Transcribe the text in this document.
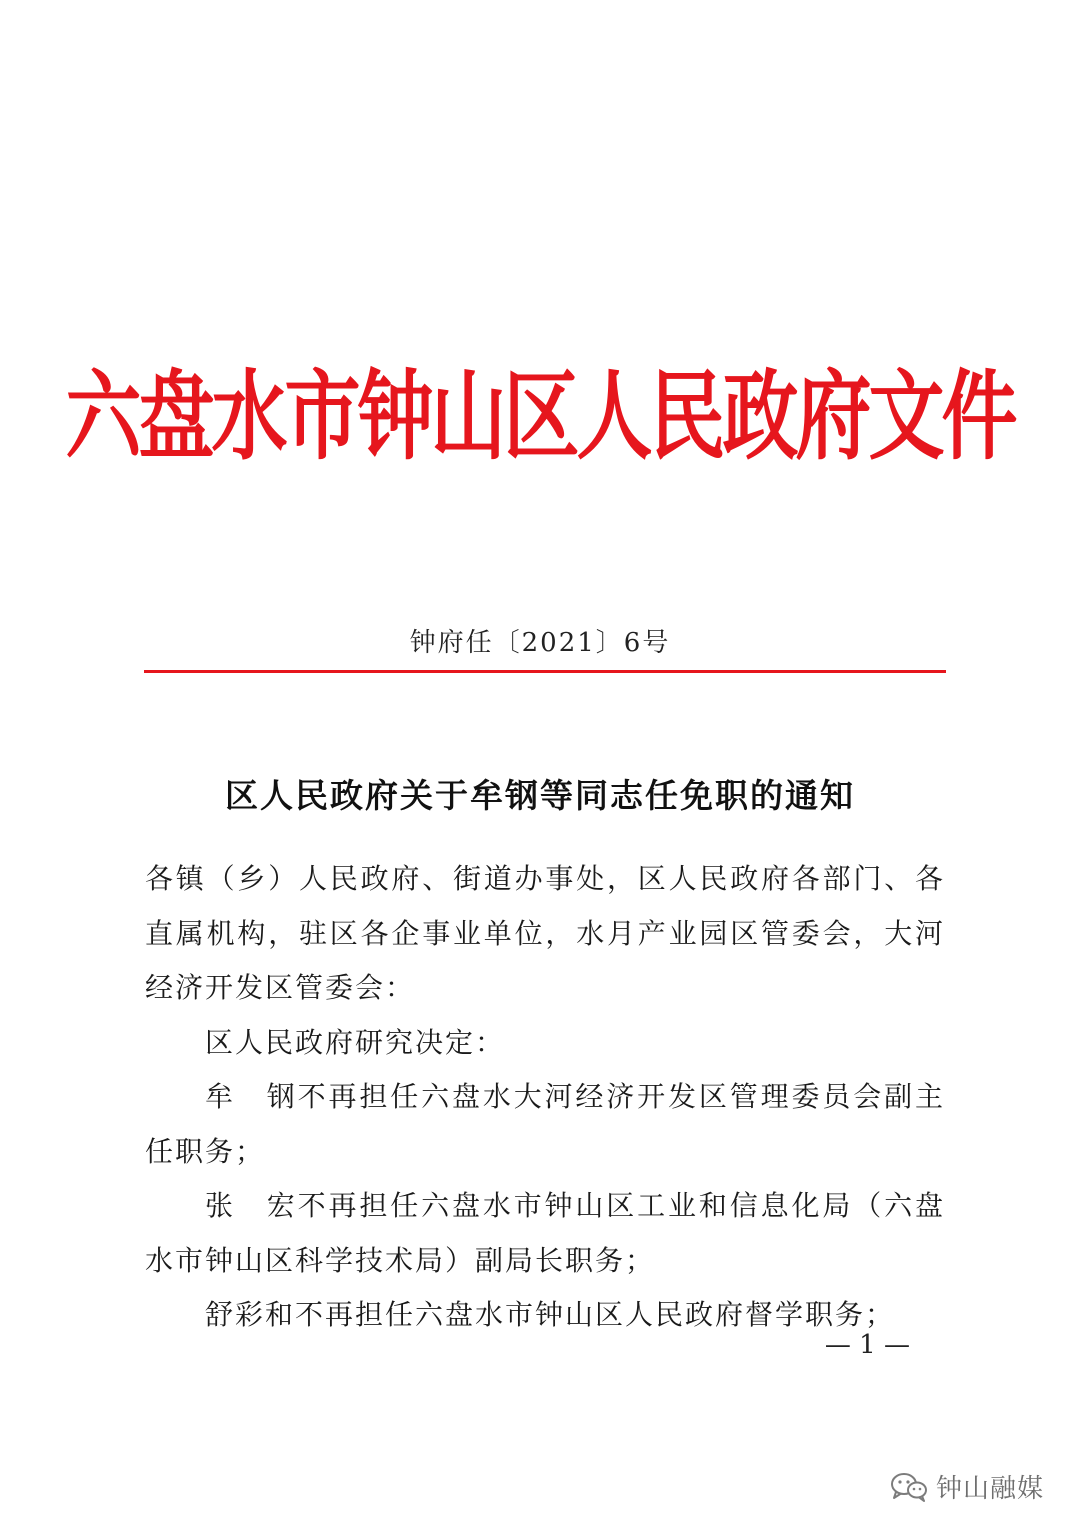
六盘水市钟山区人民政府文件
钟府任〔2021〕6号
区人民政府关于牟钢等同志任免职的通知

各镇（乡）人民政府、街道办事处，区人民政府各部门、各直属机构，驻区各企事业单位，水月产业园区管委会，大河经济开发区管委会：

区人民政府研究决定：

牟　钢不再担任六盘水大河经济开发区管理委员会副主任职务；

张　宏不再担任六盘水市钟山区工业和信息化局（六盘水市钟山区科学技术局）副局长职务；

舒彩和不再担任六盘水市钟山区人民政府督学职务；

— 1 —
钟山融媒
